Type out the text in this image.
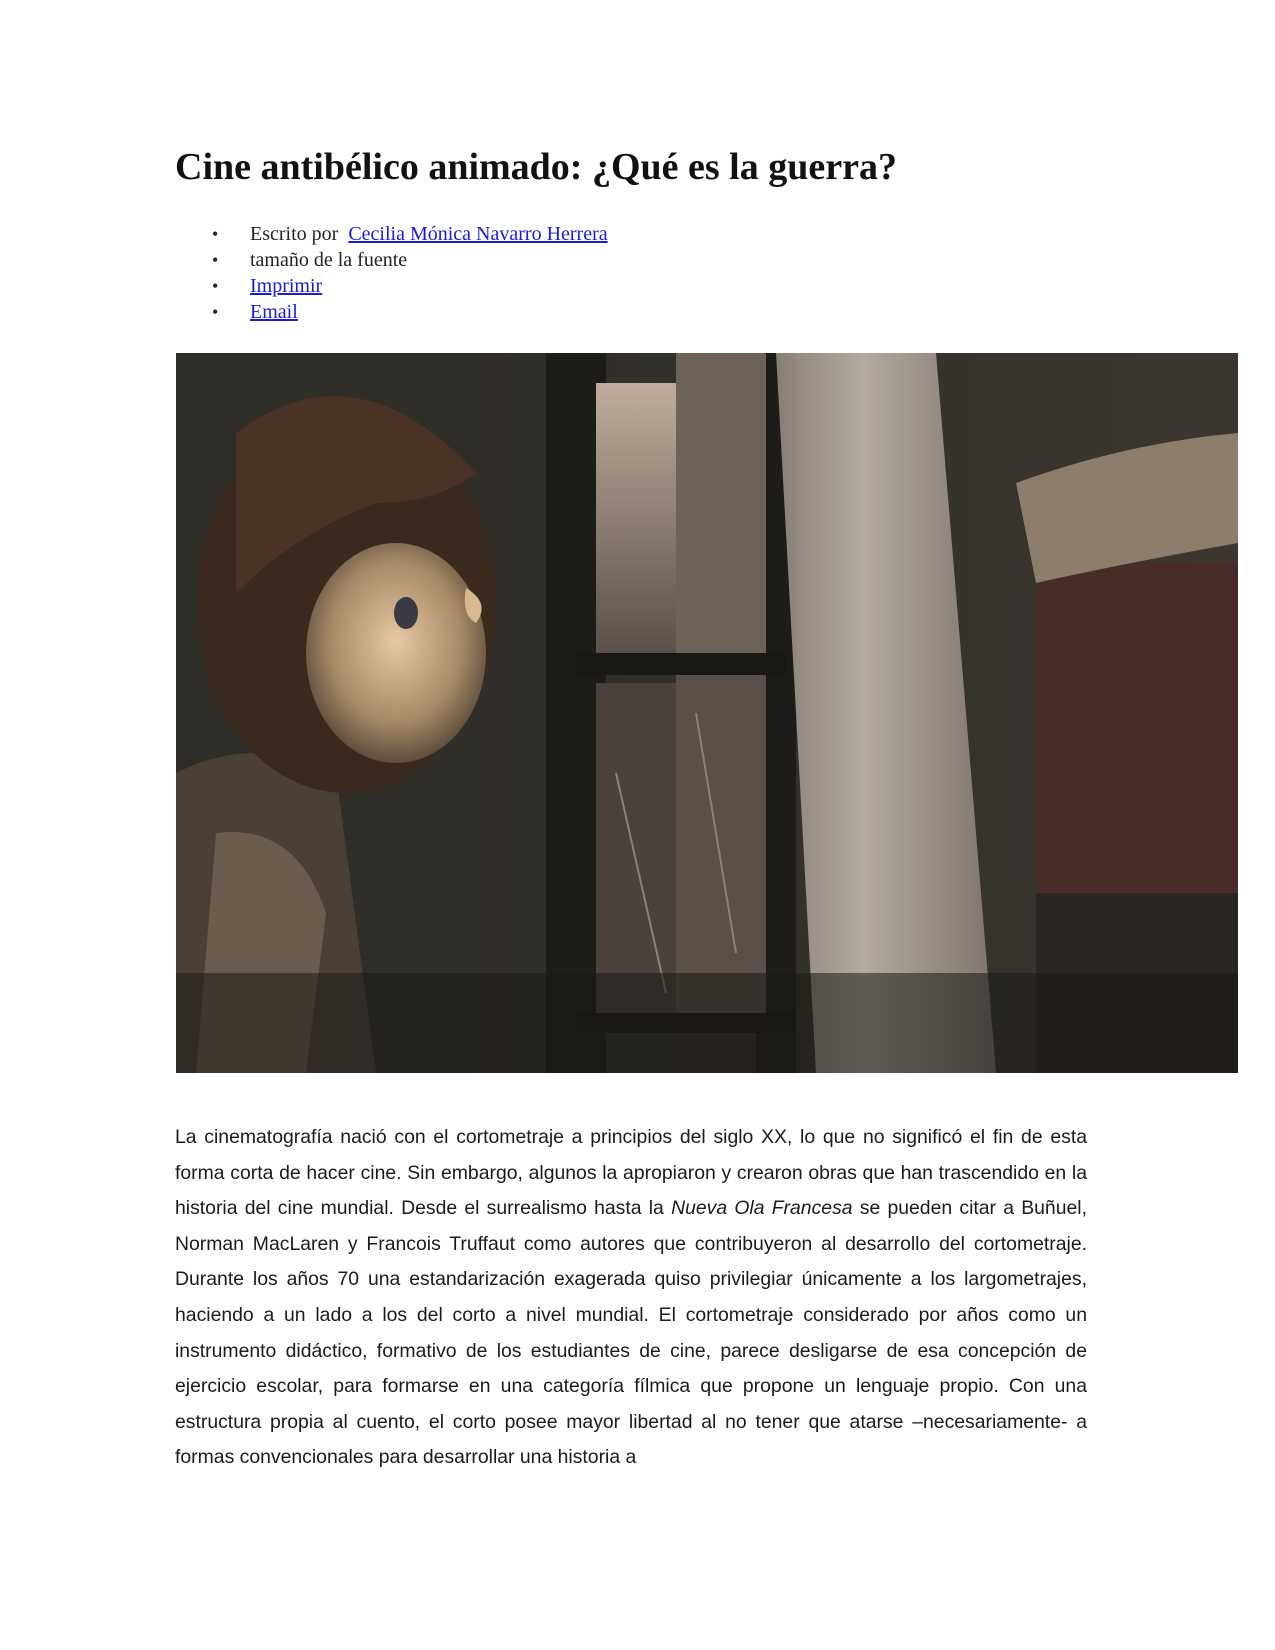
Cine antibélico animado: ¿Qué es la guerra?
• Escrito por Cecilia Mónica Navarro Herrera
• tamaño de la fuente
• Imprimir
• Email

La cinematografía nació con el cortometraje a principios del siglo XX, lo que no significó el fin de esta forma corta de hacer cine. Sin embargo, algunos la apropiaron y crearon obras que han trascendido en la historia del cine mundial. Desde el surrealismo hasta la Nueva Ola Francesa se pueden citar a Buñuel, Norman MacLaren y Francois Truffaut como autores que contribuyeron al desarrollo del cortometraje. Durante los años 70 una estandarización exagerada quiso privilegiar únicamente a los largometrajes, haciendo a un lado a los del corto a nivel mundial. El cortometraje considerado por años como un instrumento didáctico, formativo de los estudiantes de cine, parece desligarse de esa concepción de ejercicio escolar, para formarse en una categoría fílmica que propone un lenguaje propio. Con una estructura propia al cuento, el corto posee mayor libertad al no tener que atarse –necesariamente- a formas convencionales para desarrollar una historia a
